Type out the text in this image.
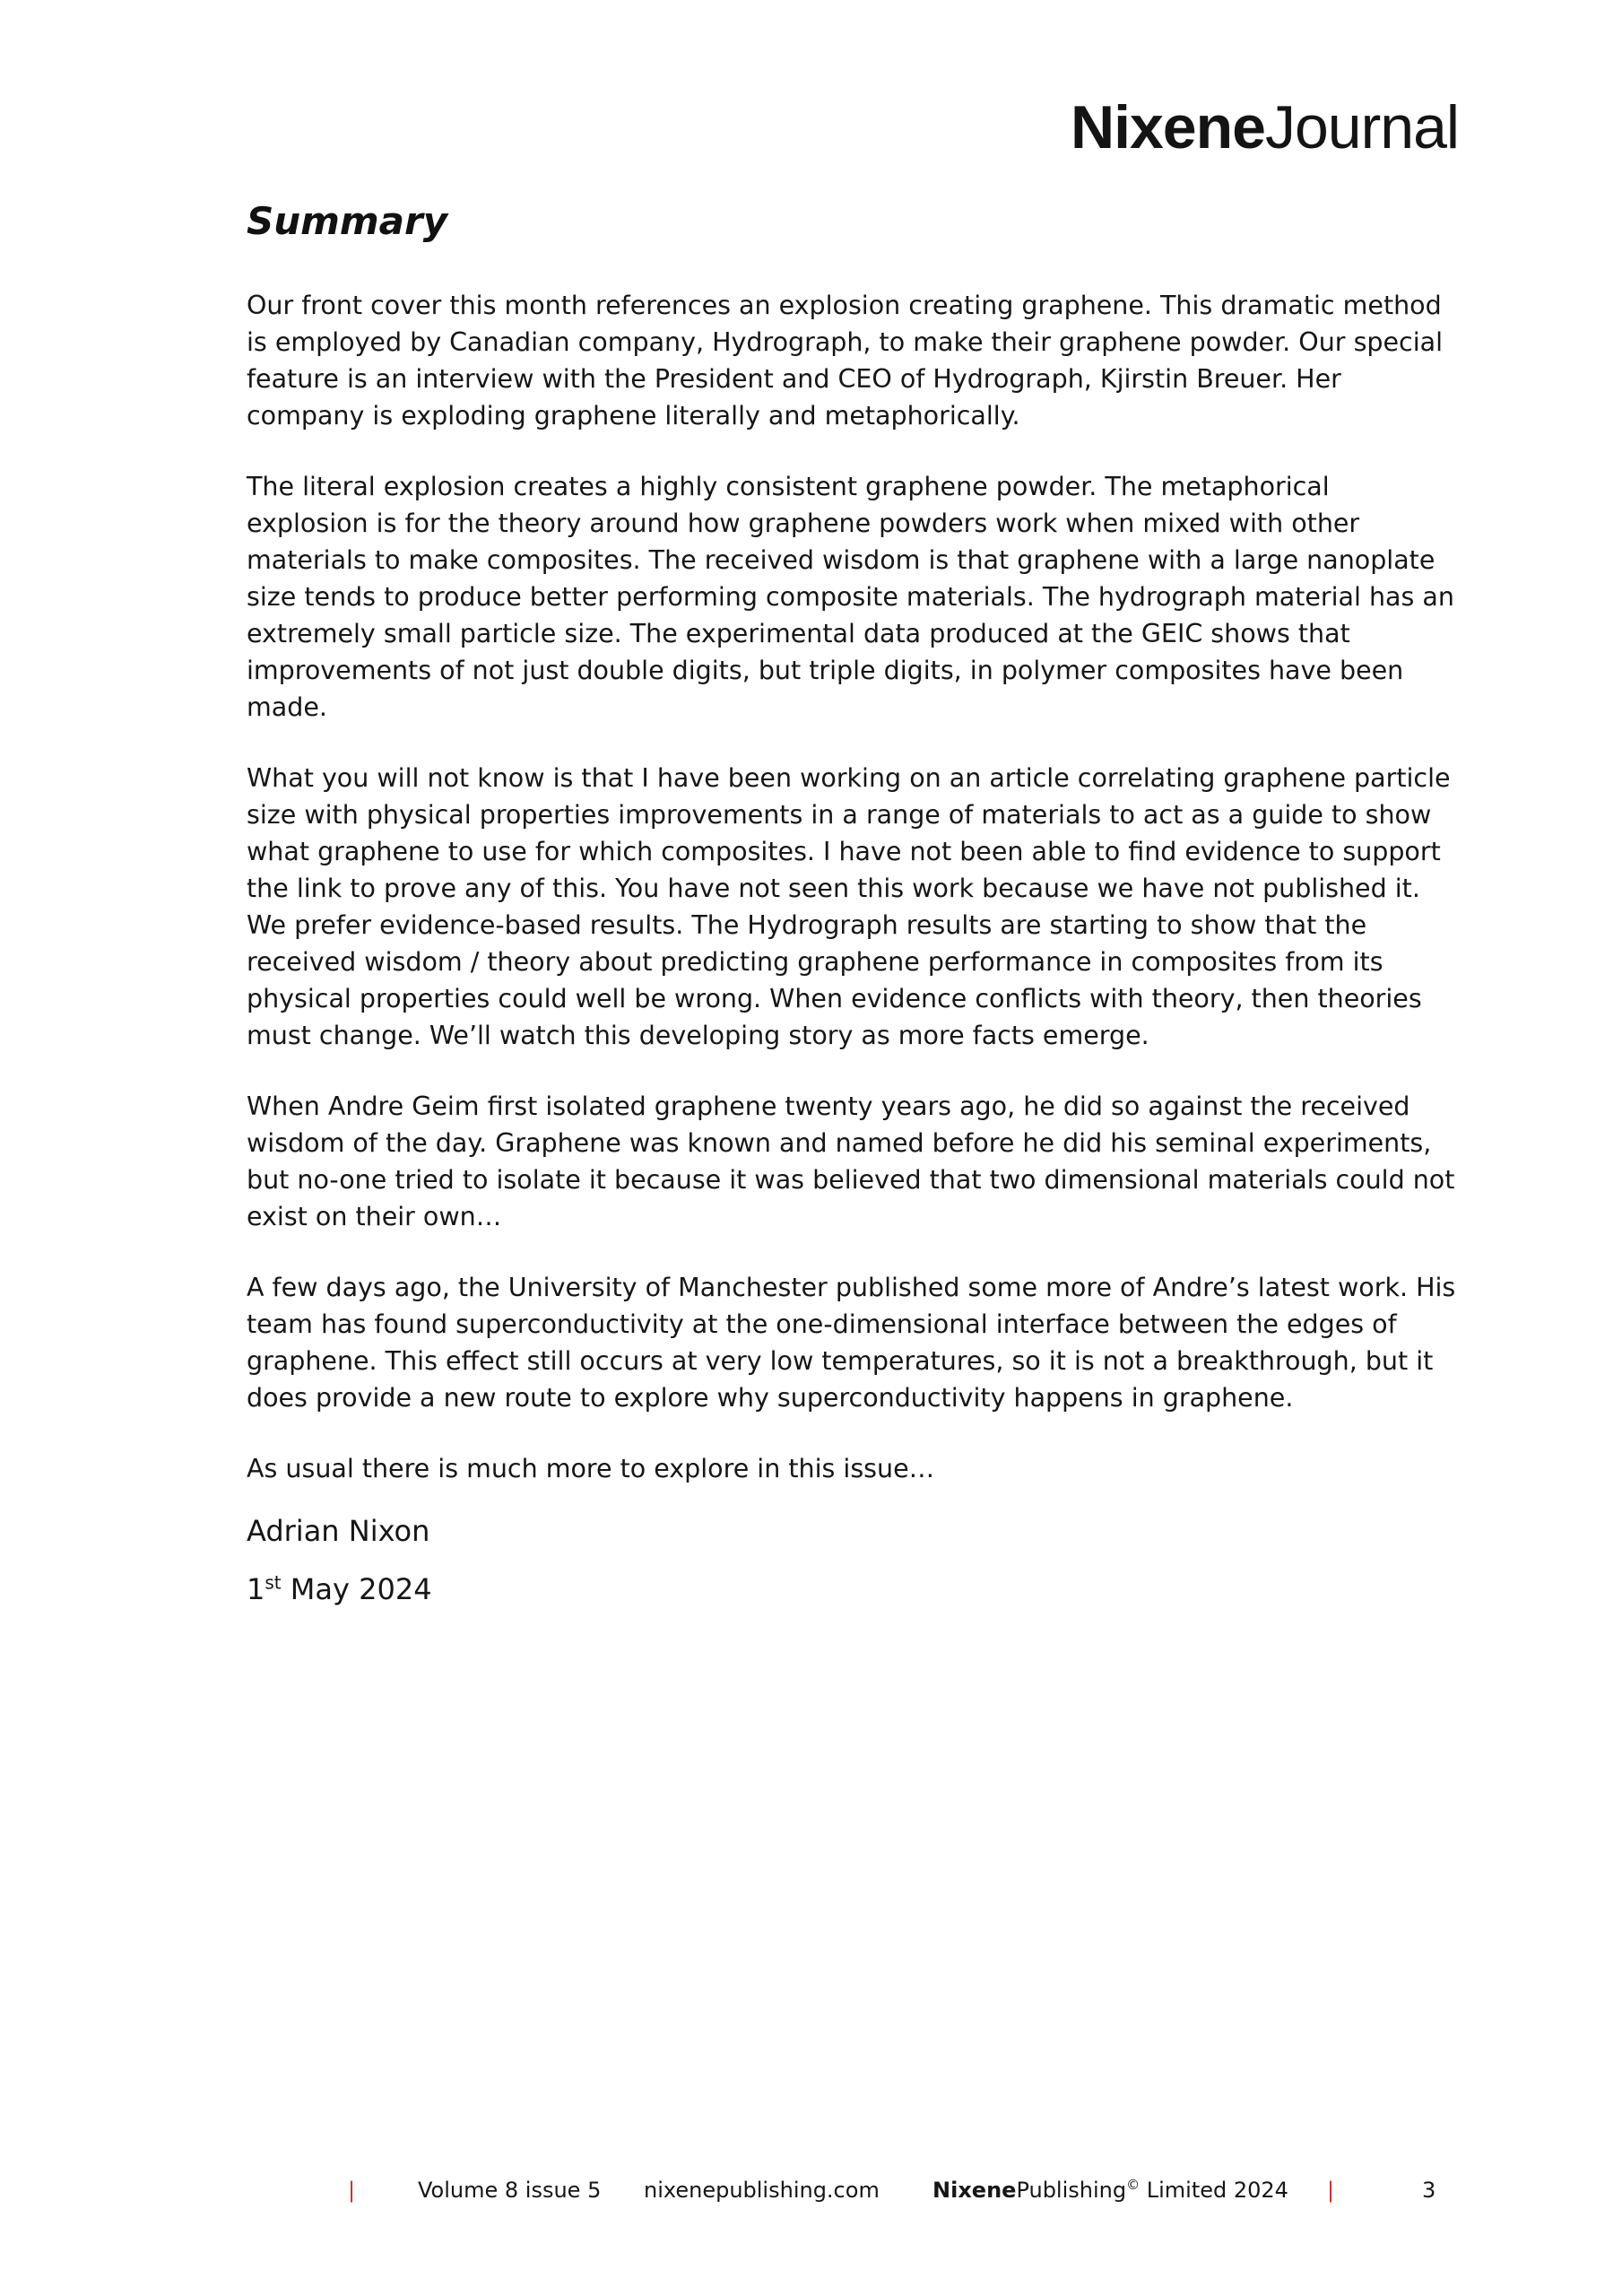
NixeneJournal
Summary

Our front cover this month references an explosion creating graphene. This dramatic method is employed by Canadian company, Hydrograph, to make their graphene powder. Our special feature is an interview with the President and CEO of Hydrograph, Kjirstin Breuer. Her company is exploding graphene literally and metaphorically.

The literal explosion creates a highly consistent graphene powder. The metaphorical explosion is for the theory around how graphene powders work when mixed with other materials to make composites. The received wisdom is that graphene with a large nanoplate size tends to produce better performing composite materials. The hydrograph material has an extremely small particle size. The experimental data produced at the GEIC shows that improvements of not just double digits, but triple digits, in polymer composites have been made.

What you will not know is that I have been working on an article correlating graphene particle size with physical properties improvements in a range of materials to act as a guide to show what graphene to use for which composites. I have not been able to find evidence to support the link to prove any of this. You have not seen this work because we have not published it. We prefer evidence-based results. The Hydrograph results are starting to show that the received wisdom / theory about predicting graphene performance in composites from its physical properties could well be wrong. When evidence conflicts with theory, then theories must change. We’ll watch this developing story as more facts emerge.

When Andre Geim first isolated graphene twenty years ago, he did so against the received wisdom of the day. Graphene was known and named before he did his seminal experiments, but no-one tried to isolate it because it was believed that two dimensional materials could not exist on their own…

A few days ago, the University of Manchester published some more of Andre’s latest work. His team has found superconductivity at the one-dimensional interface between the edges of graphene. This effect still occurs at very low temperatures, so it is not a breakthrough, but it does provide a new route to explore why superconductivity happens in graphene.

As usual there is much more to explore in this issue…

Adrian Nixon

1st May 2024

|	Volume 8 issue 5 nixenepublishing.com NixenePublishing© Limited 2024 |	3
